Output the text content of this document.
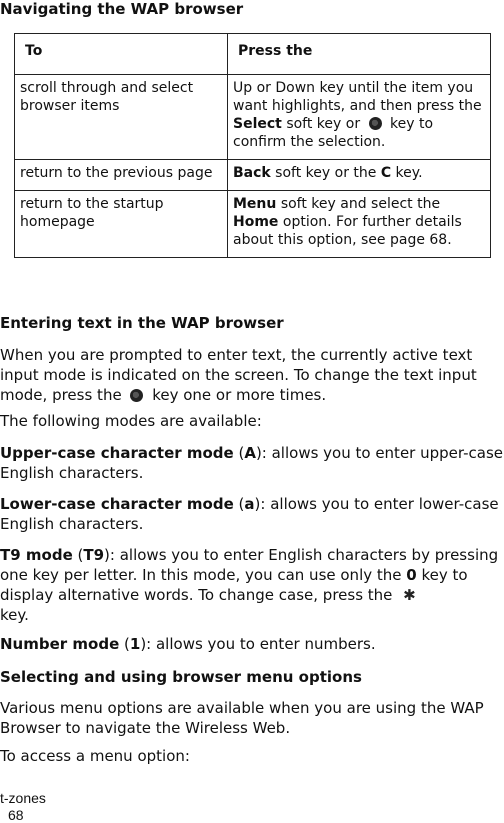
Navigating the WAP browser
To	Press the
scroll through and select browser items	Up or Down key until the item you want highlights, and then press the Select soft key or  key to confirm the selection.
return to the previous page	Back soft key or the C key.
return to the startup homepage	Menu soft key and select the Home option. For further details about this option, see page 68.
Entering text in the WAP browser

When you are prompted to enter text, the currently active text input mode is indicated on the screen. To change the text input mode, press the  key one or more times.

The following modes are available:

Upper-case character mode (A): allows you to enter upper-case English characters.

Lower-case character mode (a): allows you to enter lower-case English characters.

T9 mode (T9): allows you to enter English characters by pressing one key per letter. In this mode, you can use only the 0 key to display alternative words. To change case, press the ✱
key.

Number mode (1): allows you to enter numbers.

Selecting and using browser menu options

Various menu options are available when you are using the WAP Browser to navigate the Wireless Web.

To access a menu option:

t-zones
68
